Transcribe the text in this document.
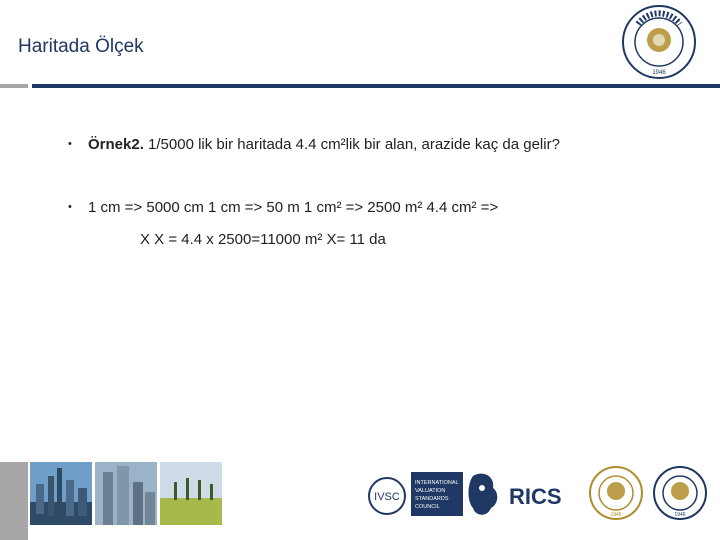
Haritada Ölçek
1946
• Örnek2. 1/5000 lik bir haritada 4.4 cm²lik bir alan, arazide kaç da gelir?
• 1 cm => 5000 cm 1 cm => 50 m 1 cm² => 2500 m² 4.4 cm² =>
X X = 4.4 x 2500=11000 m² X= 11 da
IVSC
INTERNATIONAL
VALUATION
STANDARDS
COUNCIL	RICS
1946	1946
